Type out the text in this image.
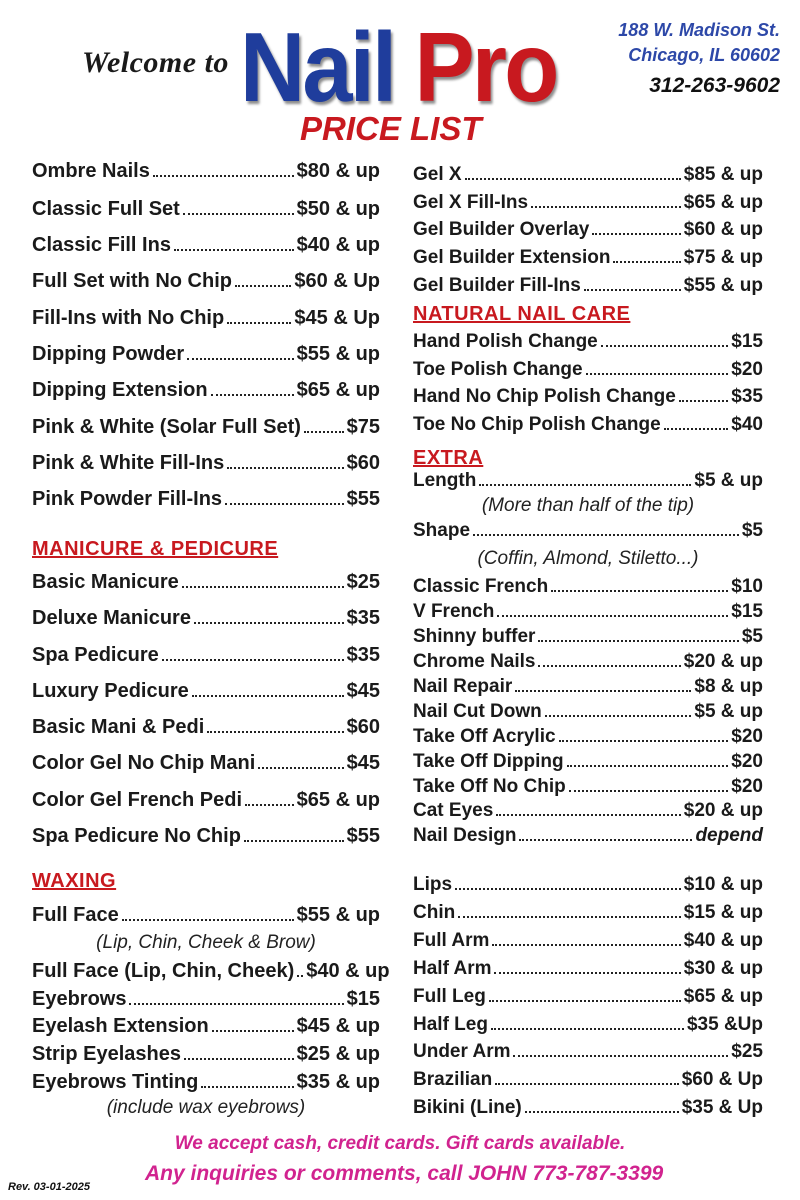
Welcome to Nail Pro
PRICE LIST
188 W. Madison St.
Chicago, IL 60602
312-263-9602
Ombre Nails	$80 & up
Classic Full Set	$50 & up
Classic Fill Ins	$40 & up
Full Set with No Chip	$60 & Up
Fill-Ins with No Chip	$45 & Up
Dipping Powder	$55 & up
Dipping Extension	$65 & up
Pink & White (Solar Full Set) $75
Pink & White Fill-Ins	$60
Pink Powder Fill-Ins	$55
MANICURE & PEDICURE
Basic Manicure	$25
Deluxe Manicure	$35
Spa Pedicure	$35
Luxury Pedicure	$45
Basic Mani & Pedi	$60
Color Gel No Chip Mani	$45
Color Gel French Pedi	$65 & up
Spa Pedicure No Chip	$55
WAXING
Full Face	$55 & up
(Lip, Chin, Cheek & Brow)
Full Face (Lip, Chin, Cheek) $40 & up
Eyebrows	$15
Eyelash Extension	$45 & up
Strip Eyelashes	$25 & up
Eyebrows Tinting	$35 & up
(include wax eyebrows)
Gel X	$85 & up
Gel X Fill-Ins	$65 & up
Gel Builder Overlay	$60 & up
Gel Builder Extension	$75 & up
Gel Builder Fill-Ins	$55 & up
NATURAL NAIL CARE
Hand Polish Change	$15
Toe Polish Change	$20
Hand No Chip Polish Change	$35
Toe No Chip Polish Change	$40
EXTRA
Length	$5 & up
(More than half of the tip)
Shape	$5
(Coffin, Almond, Stiletto...)
Classic French	$10
V French	$15
Shinny buffer	$5
Chrome Nails	$20 & up
Nail Repair	$8 & up
Nail Cut Down	$5 & up
Take Off Acrylic	$20
Take Off Dipping	$20
Take Off No Chip	$20
Cat Eyes	$20 & up
Nail Design	depend
Lips	$10 & up
Chin	$15 & up
Full Arm	$40 & up
Half Arm	$30 & up
Full Leg	$65 & up
Half Leg	$35 &Up
Under Arm	$25
Brazilian	$60 & Up
Bikini (Line)	$35 & Up
We accept cash, credit cards. Gift cards available.
Any inquiries or comments, call JOHN 773-787-3399
Rev. 03-01-2025
